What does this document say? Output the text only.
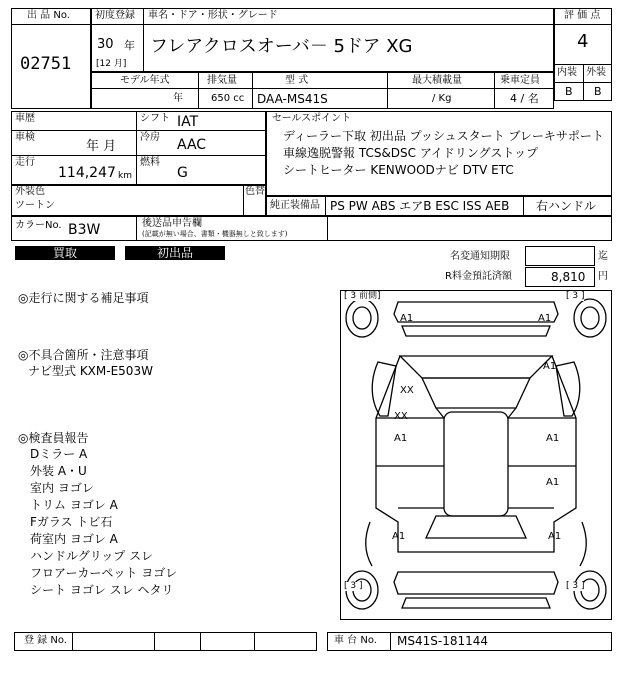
出 品 No.
02751
初度登録
30 年
[12 月]
車名・ドア・形状・グレード
フレアクロスオーバ－ 5ドア XG
評 価 点
4
内装 外装
B B
モデル年式
年
排気量
650 cc
型 式
DAA-MS41S
最大積載量
/ Kg
乗車定員
4 / 名
車歴
車検
年 月
走行
114,247 km
シフト IAT
冷房 AAC
燃料
G
セールスポイント
ディーラー下取 初出品 プッシュスタート ブレーキサポート
車線逸脱警報 TCS&DSC アイドリングストップ
シートヒーター KENWOODナビ DTV ETC
外装色
ツートン
色替
純正装備品 PS PW ABS エアB ESC ISS AEB 右ハンドル
カラーNo. B3W	後送品申告欄
(記載が無い場合、書類・機器無しと致します)
買取	初出品	名変通知期限	迄
R料金預託済額	8,810 円
◎走行に関する補足事項
◎不具合箇所・注意事項
ナビ型式 KXM-E503W
◎検査員報告
Dミラー A
外装 A・U
室内 ヨゴレ
トリム ヨゴレ A
Fガラス トビ石
荷室内 ヨゴレ A
ハンドルグリップ スレ
フロアーカーペット ヨゴレ
シート ヨゴレ スレ ヘタリ
[ 3 前側]	[ 3 ]
[ 3 ]	[ 3 ]
A1	A1
A1
XX
XX
A1	A1
A1
A1	A1
登 録 No.	車 台 No. MS41S-181144
